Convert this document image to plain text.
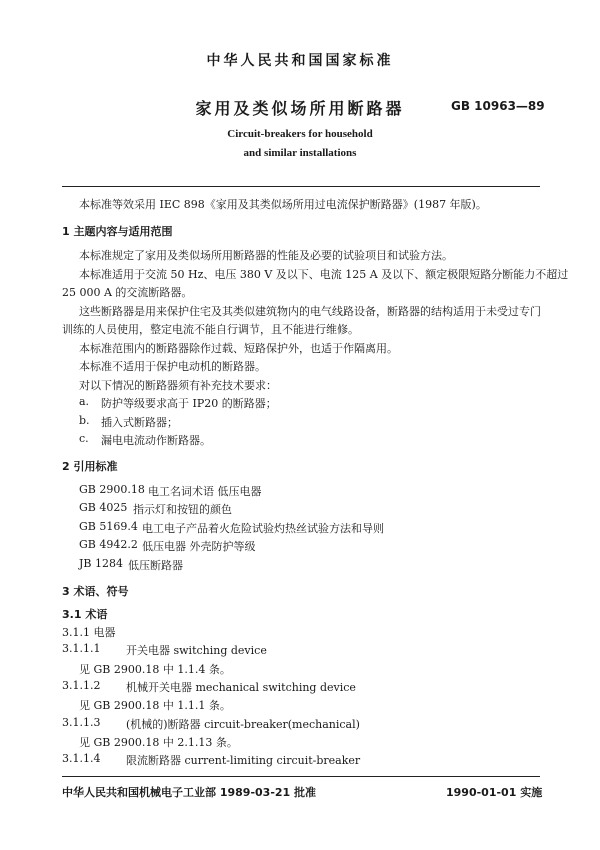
中华人民共和国国家标准
家用及类似场所用断路器	GB 10963—89
Circuit-breakers for household
and similar installations
本标准等效采用 IEC 898《家用及其类似场所用过电流保护断路器》(1987 年版)。
1 主题内容与适用范围
本标准规定了家用及类似场所用断路器的性能及必要的试验项目和试验方法。
本标准适用于交流 50 Hz、电压 380 V 及以下、电流 125 A 及以下、额定极限短路分断能力不超过
25 000 A 的交流断路器。
这些断路器是用来保护住宅及其类似建筑物内的电气线路设备，断路器的结构适用于未受过专门
训练的人员使用，整定电流不能自行调节，且不能进行维修。
本标准范围内的断路器除作过载、短路保护外，也适于作隔离用。
本标准不适用于保护电动机的断路器。
对以下情况的断路器须有补充技术要求：
a. 防护等级要求高于 IP20 的断路器；
b. 插入式断路器；
c. 漏电电流动作断路器。
2 引用标准
GB 2900.18 电工名词术语 低压电器
GB 4025 指示灯和按钮的颜色
GB 5169.4 电工电子产品着火危险试验灼热丝试验方法和导则
GB 4942.2 低压电器 外壳防护等级
JB 1284 低压断路器
3 术语、符号
3.1 术语
3.1.1 电器
3.1.1.1 开关电器 switching device
见 GB 2900.18 中 1.1.4 条。
3.1.1.2 机械开关电器 mechanical switching device
见 GB 2900.18 中 1.1.1 条。
3.1.1.3 (机械的)断路器 circuit-breaker(mechanical)
见 GB 2900.18 中 2.1.13 条。
3.1.1.4 限流断路器 current-limiting circuit-breaker
中华人民共和国机械电子工业部 1989-03-21 批准	1990-01-01 实施
